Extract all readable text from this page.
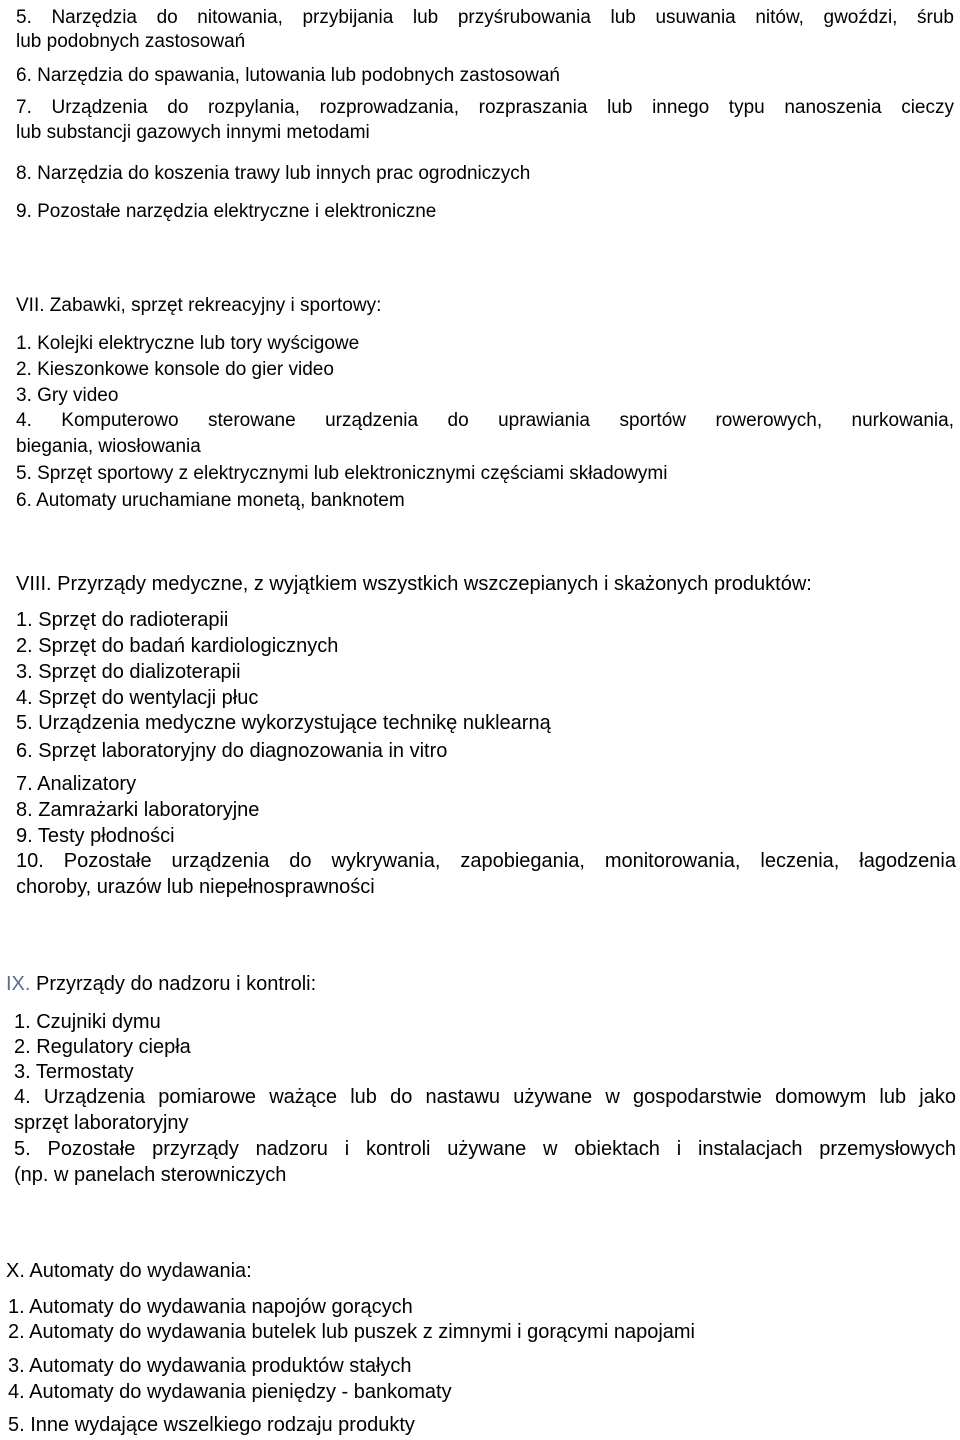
5. Narzędzia do nitowania, przybijania lub przyśrubowania lub usuwania nitów, gwoździ, śrub

lub podobnych zastosowań

6. Narzędzia do spawania, lutowania lub podobnych zastosowań

7. Urządzenia do rozpylania, rozprowadzania, rozpraszania lub innego typu nanoszenia cieczy

lub substancji gazowych innymi metodami

8. Narzędzia do koszenia trawy lub innych prac ogrodniczych

9. Pozostałe narzędzia elektryczne i elektroniczne

VII. Zabawki, sprzęt rekreacyjny i sportowy:

1. Kolejki elektryczne lub tory wyścigowe

2. Kieszonkowe konsole do gier video

3. Gry video

4. Komputerowo sterowane urządzenia do uprawiania sportów rowerowych, nurkowania,

biegania, wiosłowania

5. Sprzęt sportowy z elektrycznymi lub elektronicznymi częściami składowymi

6. Automaty uruchamiane monetą, banknotem

VIII. Przyrządy medyczne, z wyjątkiem wszystkich wszczepianych i skażonych produktów:

1. Sprzęt do radioterapii

2. Sprzęt do badań kardiologicznych

3. Sprzęt do dializoterapii

4. Sprzęt do wentylacji płuc

5. Urządzenia medyczne wykorzystujące technikę nuklearną

6. Sprzęt laboratoryjny do diagnozowania in vitro

7. Analizatory

8. Zamrażarki laboratoryjne

9. Testy płodności

10. Pozostałe urządzenia do wykrywania, zapobiegania, monitorowania, leczenia, łagodzenia

choroby, urazów lub niepełnosprawności

IX. Przyrządy do nadzoru i kontroli:

1. Czujniki dymu

2. Regulatory ciepła

3. Termostaty

4. Urządzenia pomiarowe ważące lub do nastawu używane w gospodarstwie domowym lub jako

sprzęt laboratoryjny

5. Pozostałe przyrządy nadzoru i kontroli używane w obiektach i instalacjach przemysłowych

(np. w panelach sterowniczych

X. Automaty do wydawania:

1. Automaty do wydawania napojów gorących

2. Automaty do wydawania butelek lub puszek z zimnymi i gorącymi napojami

3. Automaty do wydawania produktów stałych

4. Automaty do wydawania pieniędzy - bankomaty

5. Inne wydające wszelkiego rodzaju produkty
